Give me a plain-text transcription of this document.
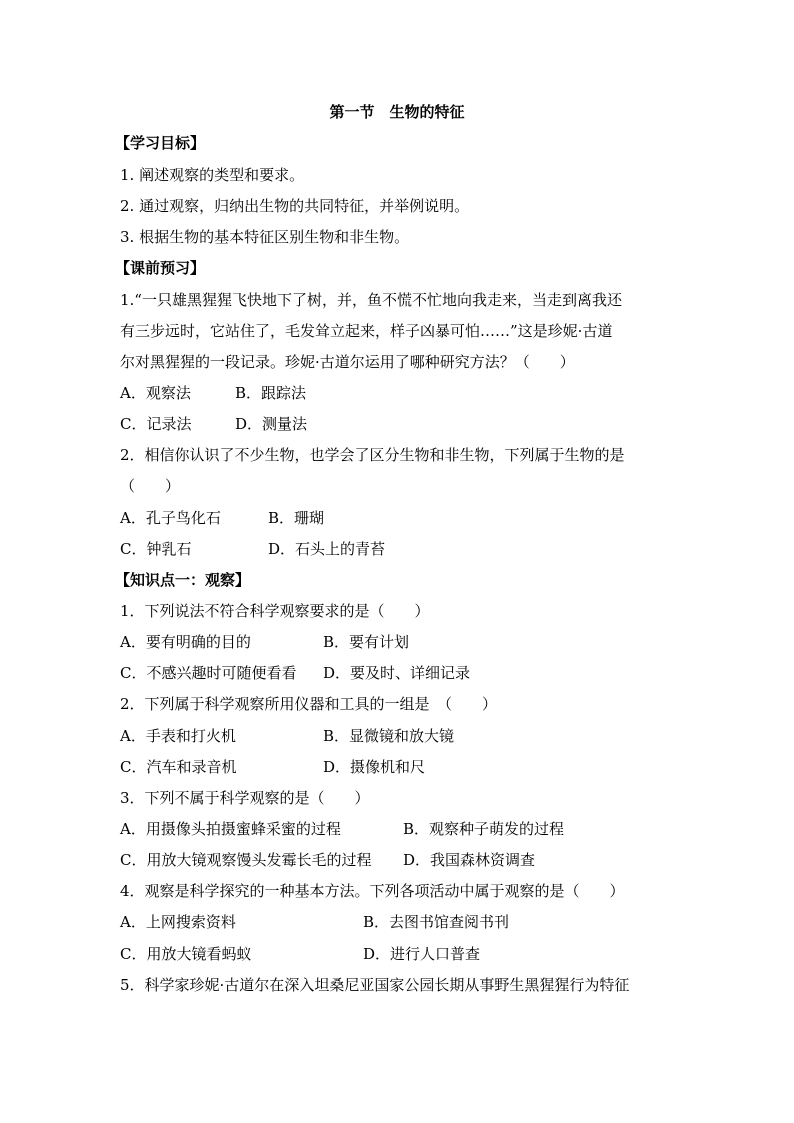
第一节　生物的特征
【学习目标】
1. 阐述观察的类型和要求。
2. 通过观察，归纳出生物的共同特征，并举例说明。
3. 根据生物的基本特征区别生物和非生物。
【课前预习】
1.“一只雄黑猩猩飞快地下了树，并，鱼不慌不忙地向我走来，当走到离我还
有三步远时，它站住了，毛发耸立起来，样子凶暴可怕……”这是珍妮·古道
尔对黑猩猩的一段记录。珍妮·古道尔运用了哪种研究方法？（　　）
A．观察法	B．跟踪法
C．记录法	D．测量法
2．相信你认识了不少生物，也学会了区分生物和非生物，下列属于生物的是
（　　）
A．孔子鸟化石	B．珊瑚
C．钟乳石	D．石头上的青苔
【知识点一：观察】
1．下列说法不符合科学观察要求的是（　　）
A．要有明确的目的	B．要有计划
C．不感兴趣时可随便看看 D．要及时、详细记录
2．下列属于科学观察所用仪器和工具的一组是　（　　）
A．手表和打火机	B．显微镜和放大镜
C．汽车和录音机	D．摄像机和尺
3．下列不属于科学观察的是（　　）
A．用摄像头拍摄蜜蜂采蜜的过程	B．观察种子萌发的过程
C．用放大镜观察馒头发霉长毛的过程 D．我国森林资调查
4．观察是科学探究的一种基本方法。下列各项活动中属于观察的是（　　）
A．上网搜索资料	B．去图书馆查阅书刊
C．用放大镜看蚂蚁	D．进行人口普查
5．科学家珍妮·古道尔在深入坦桑尼亚国家公园长期从事野生黑猩猩行为特征
